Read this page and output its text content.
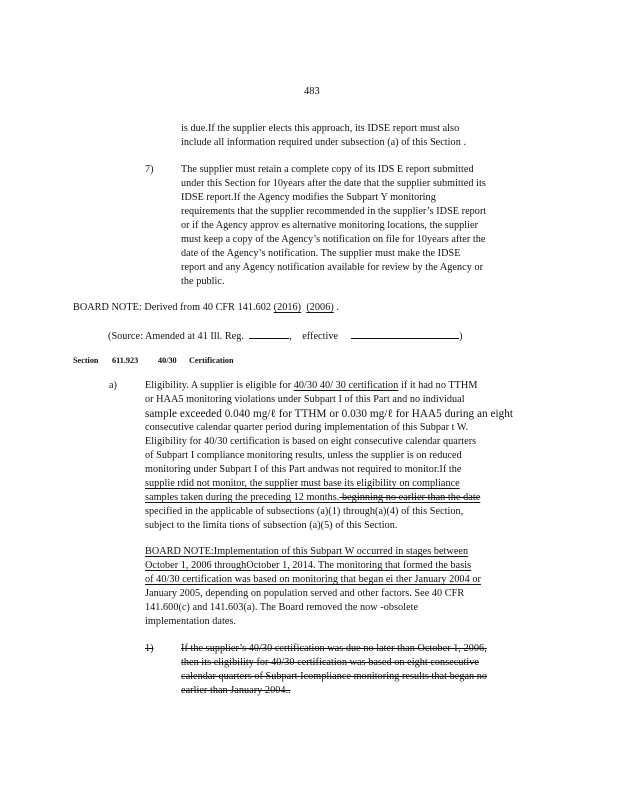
483
is due.If the supplier elects this approach, its IDSE report must also
include all information required under subsection (a) of this Section .
7)	The supplier must retain a complete copy of its IDS E report submitted
under this Section for 10years after the date that the supplier submitted its
IDSE report.If the Agency modifies the Subpart Y monitoring
requirements that the supplier recommended in the supplier’s IDSE report
or if the Agency approv es alternative monitoring locations, the supplier
must keep a copy of the Agency’s notification on file for 10years after the
date of the Agency’s notification. The supplier must make the IDSE
report and any Agency notification available for review by the Agency or
the public.
BOARD NOTE: Derived from 40 CFR 141.602 (2016) (2006) .
(Source: Amended at 41 Ill. Reg.	,    effective	)
Section 611.923 40/30 Certification
a)	Eligibility. A supplier is eligible for 40/30 40/ 30 certification if it had no TTHM
or HAA5 monitoring violations under Subpart I of this Part and no individual
sample exceeded 0.040 mg/ℓ for TTHM or 0.030 mg/ℓ for HAA5 during an eight
consecutive calendar quarter period during implementation of this Subpar t W.
Eligibility for 40/30 certification is based on eight consecutive calendar quarters
of Subpart I compliance monitoring results, unless the supplier is on reduced
monitoring under Subpart I of this Part andwas not required to monitor.If the
supplie rdid not monitor, the supplier must base its eligibility on compliance
samples taken during the preceding 12 months. beginning no earlier than the date
specified in the applicable of subsections (a)(1) through(a)(4) of this Section,
subject to the limita tions of subsection (a)(5) of this Section.
BOARD NOTE:Implementation of this Subpart W occurred in stages between
October 1, 2006 throughOctober 1, 2014. The monitoring that formed the basis
of 40/30 certification was based on monitoring that began ei ther January 2004 or
January 2005, depending on population served and other factors. See 40 CFR
141.600(c) and 141.603(a). The Board removed the now -obsolete
implementation dates.
1)	If the supplier’s 40/30 certification was due no later than October 1, 2006,
then its eligibility for 40/30 certification was based on eight consecutive
calendar quarters of Subpart Icompliance monitoring results that began no
earlier than January 2004..
